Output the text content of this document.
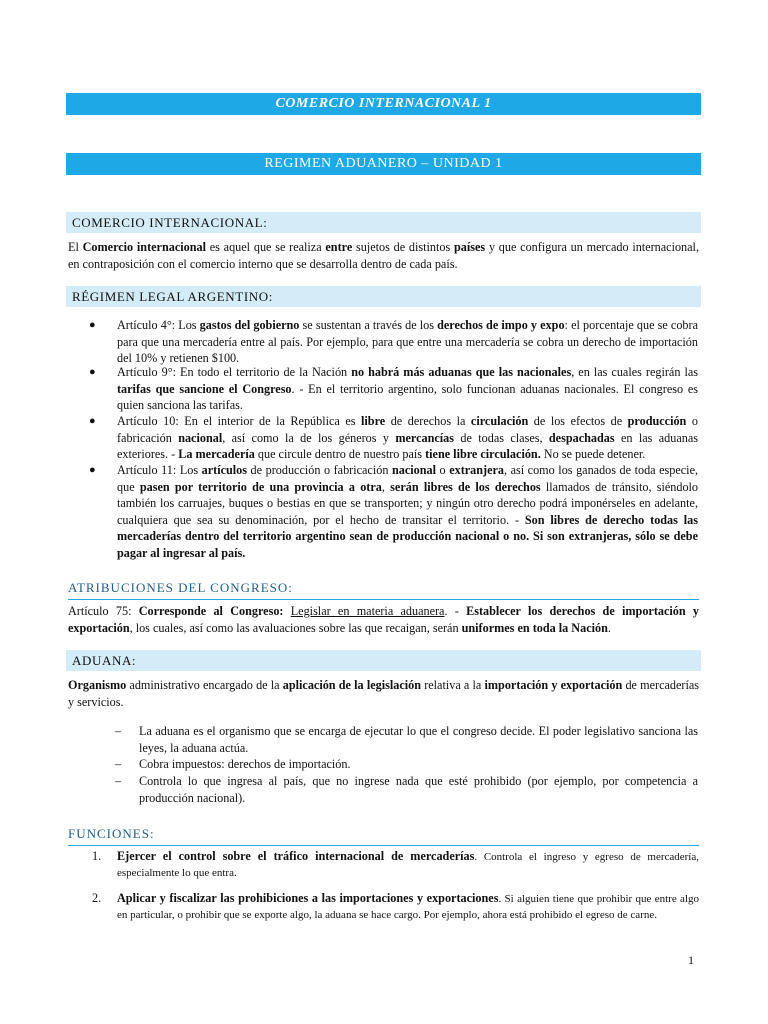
COMERCIO INTERNACIONAL 1
REGIMEN ADUANERO – UNIDAD 1
COMERCIO INTERNACIONAL:
El Comercio internacional es aquel que se realiza entre sujetos de distintos países y que configura un mercado internacional, en contraposición con el comercio interno que se desarrolla dentro de cada país.
RÉGIMEN LEGAL ARGENTINO:
● Artículo 4°: Los gastos del gobierno se sustentan a través de los derechos de impo y expo: el porcentaje que se cobra para que una mercadería entre al país. Por ejemplo, para que entre una mercadería se cobra un derecho de importación del 10% y retienen $100.
● Artículo 9°: En todo el territorio de la Nación no habrá más aduanas que las nacionales, en las cuales regirán las tarifas que sancione el Congreso. - En el territorio argentino, solo funcionan aduanas nacionales. El congreso es quien sanciona las tarifas.
● Artículo 10: En el interior de la República es libre de derechos la circulación de los efectos de producción o fabricación nacional, así como la de los géneros y mercancías de todas clases, despachadas en las aduanas exteriores. - La mercadería que circule dentro de nuestro país tiene libre circulación. No se puede detener.
● Artículo 11: Los artículos de producción o fabricación nacional o extranjera, así como los ganados de toda especie, que pasen por territorio de una provincia a otra, serán libres de los derechos llamados de tránsito, siéndolo también los carruajes, buques o bestias en que se transporten; y ningún otro derecho podrá imponérseles en adelante, cualquiera que sea su denominación, por el hecho de transitar el territorio. - Son libres de derecho todas las mercaderías dentro del territorio argentino sean de producción nacional o no. Si son extranjeras, sólo se debe pagar al ingresar al país.
ATRIBUCIONES DEL CONGRESO:
Artículo 75: Corresponde al Congreso: Legislar en materia aduanera. - Establecer los derechos de importación y exportación, los cuales, así como las avaluaciones sobre las que recaigan, serán uniformes en toda la Nación.
ADUANA:
Organismo administrativo encargado de la aplicación de la legislación relativa a la importación y exportación de mercaderías y servicios.
– La aduana es el organismo que se encarga de ejecutar lo que el congreso decide. El poder legislativo sanciona las leyes, la aduana actúa.
– Cobra impuestos: derechos de importación.
– Controla lo que ingresa al país, que no ingrese nada que esté prohibido (por ejemplo, por competencia a producción nacional).
FUNCIONES:
1. Ejercer el control sobre el tráfico internacional de mercaderías. Controla el ingreso y egreso de mercadería, especialmente lo que entra.
2. Aplicar y fiscalizar las prohibiciones a las importaciones y exportaciones. Si alguien tiene que prohibir que entre algo en particular, o prohibir que se exporte algo, la aduana se hace cargo. Por ejemplo, ahora está prohibido el egreso de carne.
1
